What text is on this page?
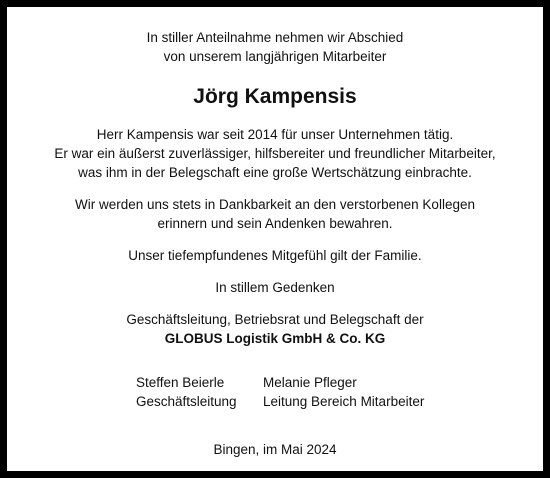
In stiller Anteilnahme nehmen wir Abschied
von unserem langjährigen Mitarbeiter
Jörg Kampensis
Herr Kampensis war seit 2014 für unser Unternehmen tätig.
Er war ein äußerst zuverlässiger, hilfsbereiter und freundlicher Mitarbeiter,
was ihm in der Belegschaft eine große Wertschätzung einbrachte.
Wir werden uns stets in Dankbarkeit an den verstorbenen Kollegen
erinnern und sein Andenken bewahren.
Unser tiefempfundenes Mitgefühl gilt der Familie.
In stillem Gedenken
Geschäftsleitung, Betriebsrat und Belegschaft der
GLOBUS Logistik GmbH & Co. KG
Steffen Beierle
Geschäftsleitung
Melanie Pfleger
Leitung Bereich Mitarbeiter
Bingen, im Mai 2024
